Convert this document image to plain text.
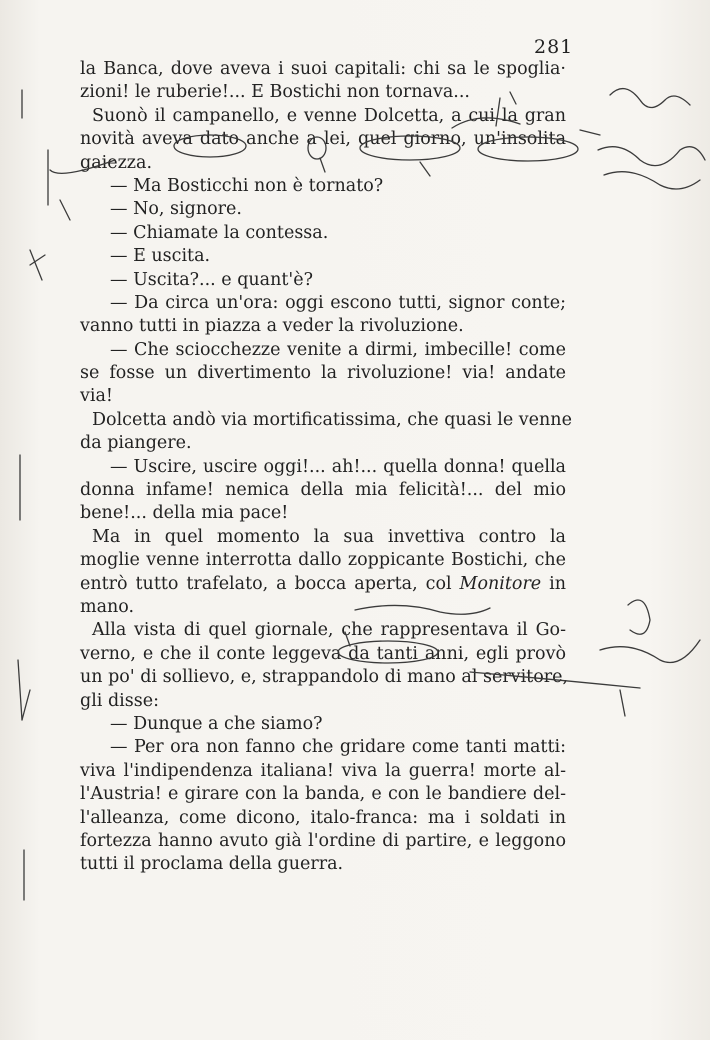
281
la Banca, dove aveva i suoi capitali: chi sa le spoglia·
zioni! le ruberie!... E Bostichi non tornava...
Suonò il campanello, e venne Dolcetta, a cui la gran
novità aveva dato anche a lei, quel giorno, un'insolita
gaiezza.
— Ma Bosticchi non è tornato?
— No, signore.
— Chiamate la contessa.
— E uscita.
— Uscita?... e quant'è?
— Da circa un'ora: oggi escono tutti, signor conte;
vanno tutti in piazza a veder la rivoluzione.
— Che sciocchezze venite a dirmi, imbecille! come
se fosse un divertimento la rivoluzione! via! andate
via!
Dolcetta andò via mortificatissima, che quasi le venne
da piangere.
— Uscire, uscire oggi!... ah!... quella donna! quella
donna infame! nemica della mia felicità!... del mio
bene!... della mia pace!
Ma in quel momento la sua invettiva contro la
moglie venne interrotta dallo zoppicante Bostichi, che
entrò tutto trafelato, a bocca aperta, col Monitore in
mano.
Alla vista di quel giornale, che rappresentava il Go-
verno, e che il conte leggeva da tanti anni, egli provò
un po' di sollievo, e, strappandolo di mano al servitore,
gli disse:
— Dunque a che siamo?
— Per ora non fanno che gridare come tanti matti:
viva l'indipendenza italiana! viva la guerra! morte al-
l'Austria! e girare con la banda, e con le bandiere del-
l'alleanza, come dicono, italo-franca: ma i soldati in
fortezza hanno avuto già l'ordine di partire, e leggono
tutti il proclama della guerra.
